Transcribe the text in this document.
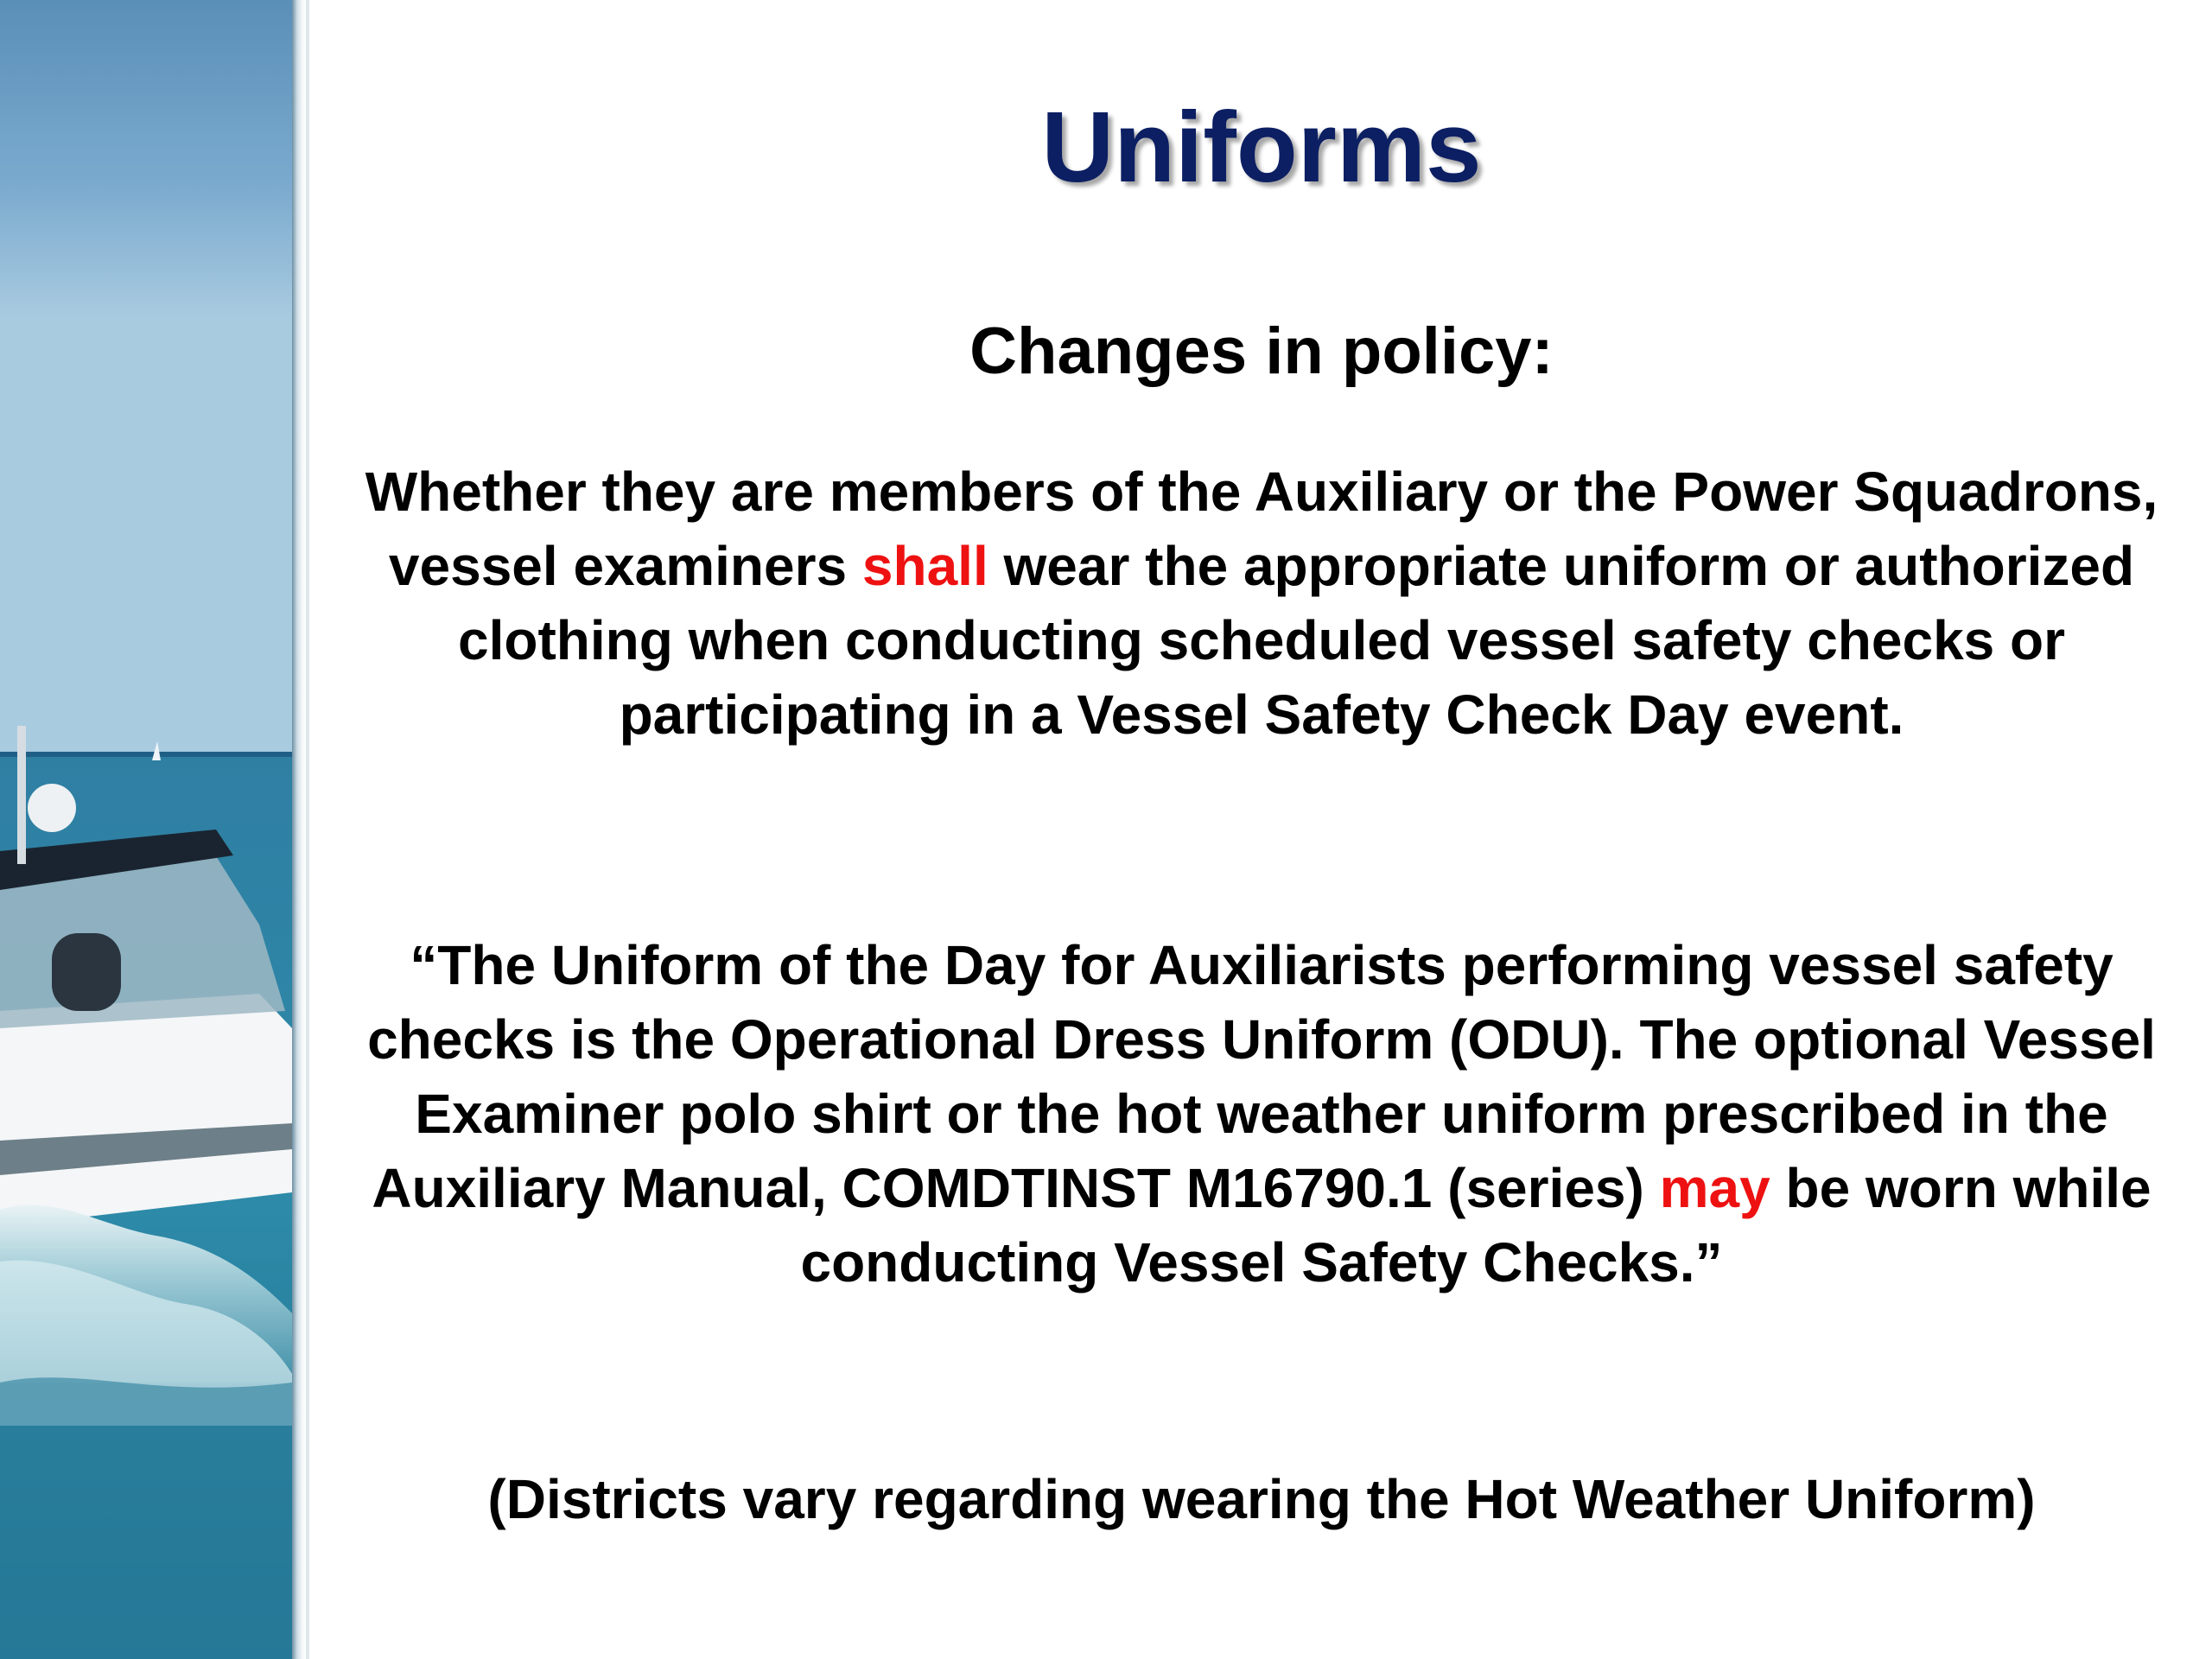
Uniforms

Changes in policy:

Whether they are members of the Auxiliary or the Power Squadrons, vessel examiners shall wear the appropriate uniform or authorized clothing when conducting scheduled vessel safety checks or participating in a Vessel Safety Check Day event.

“The Uniform of the Day for Auxiliarists performing vessel safety checks is the Operational Dress Uniform (ODU). The optional Vessel Examiner polo shirt or the hot weather uniform prescribed in the Auxiliary Manual, COMDTINST M16790.1 (series) may be worn while conducting Vessel Safety Checks.”

(Districts vary regarding wearing the Hot Weather Uniform)
